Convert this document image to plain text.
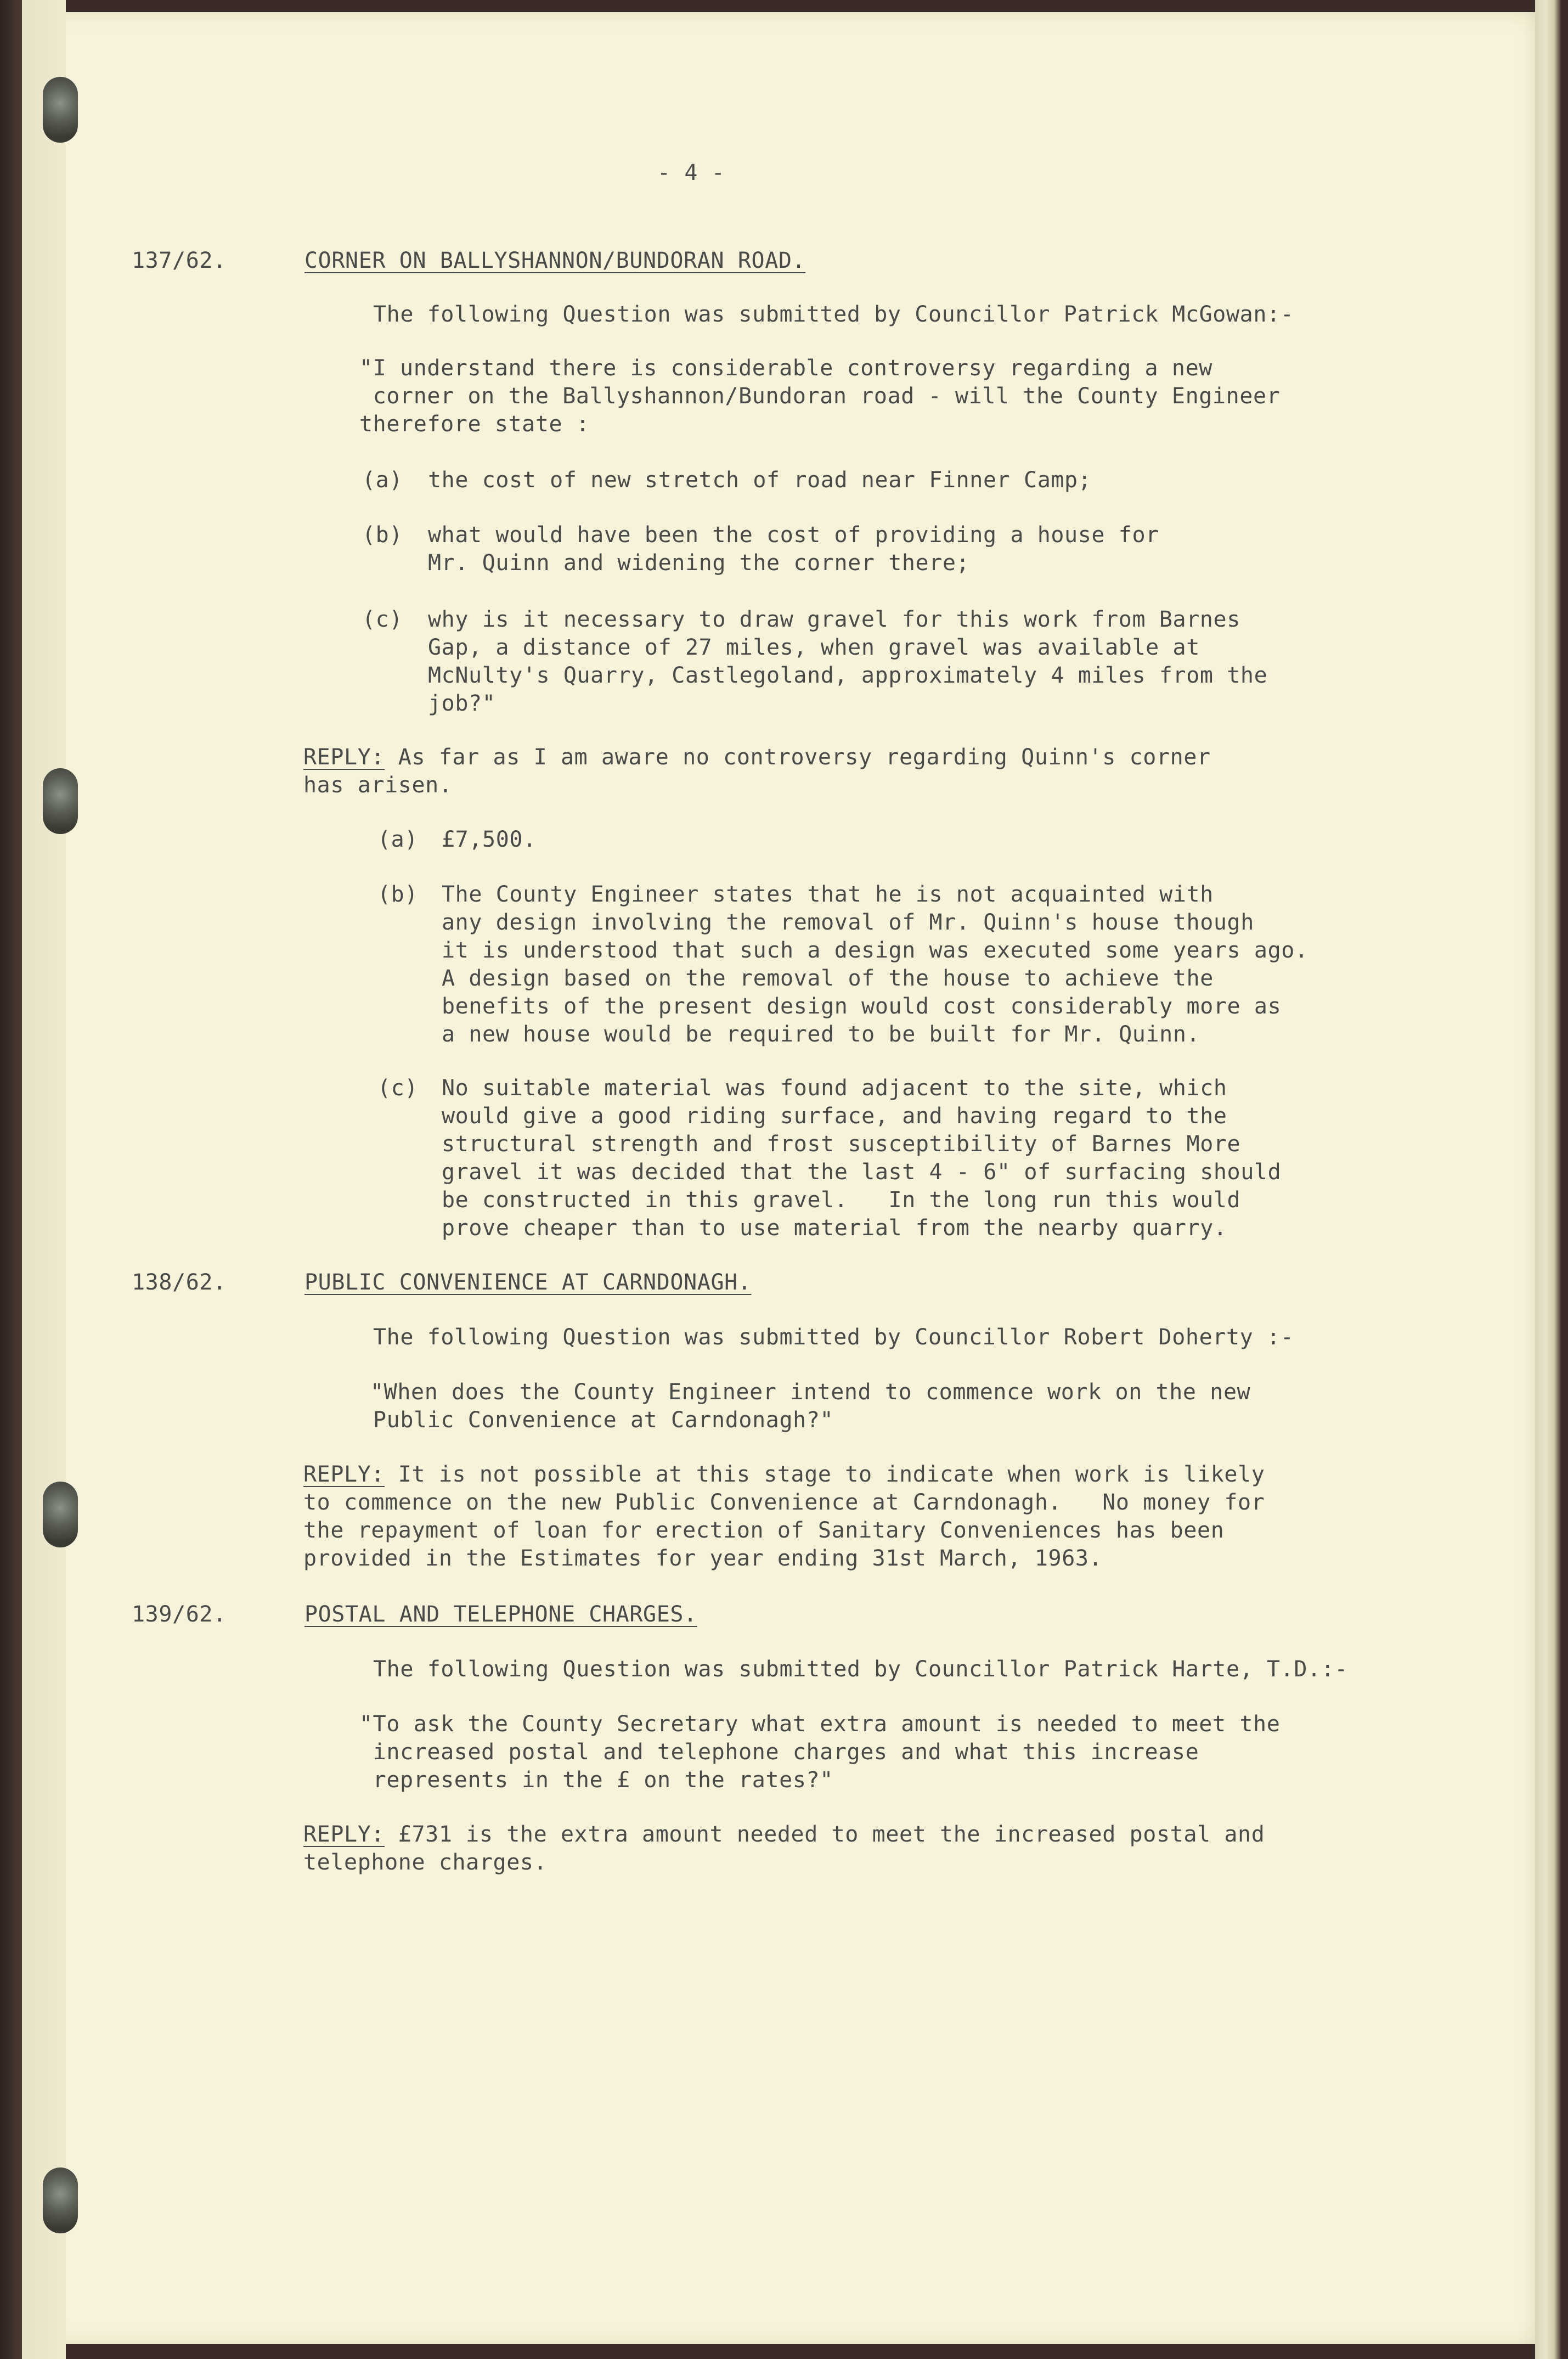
- 4 -
137/62.	CORNER ON BALLYSHANNON/BUNDORAN ROAD.
The following Question was submitted by Councillor Patrick McGowan:-
"I understand there is considerable controversy regarding a new
corner on the Ballyshannon/Bundoran road - will the County Engineer
therefore state :
(a) the cost of new stretch of road near Finner Camp;
(b) what would have been the cost of providing a house for
Mr. Quinn and widening the corner there;
(c) why is it necessary to draw gravel for this work from Barnes
Gap, a distance of 27 miles, when gravel was available at
McNulty's Quarry, Castlegoland, approximately 4 miles from the
job?"
REPLY: As far as I am aware no controversy regarding Quinn's corner
has arisen.
(a) £7,500.
(b) The County Engineer states that he is not acquainted with
any design involving the removal of Mr. Quinn's house though
it is understood that such a design was executed some years ago.
A design based on the removal of the house to achieve the
benefits of the present design would cost considerably more as
a new house would be required to be built for Mr. Quinn.
(c) No suitable material was found adjacent to the site, which
would give a good riding surface, and having regard to the
structural strength and frost susceptibility of Barnes More
gravel it was decided that the last 4 - 6" of surfacing should
be constructed in this gravel.   In the long run this would
prove cheaper than to use material from the nearby quarry.
138/62.	PUBLIC CONVENIENCE AT CARNDONAGH.
The following Question was submitted by Councillor Robert Doherty :-
"When does the County Engineer intend to commence work on the new
Public Convenience at Carndonagh?"
REPLY: It is not possible at this stage to indicate when work is likely
to commence on the new Public Convenience at Carndonagh.   No money for
the repayment of loan for erection of Sanitary Conveniences has been
provided in the Estimates for year ending 31st March, 1963.
139/62.	POSTAL AND TELEPHONE CHARGES.
The following Question was submitted by Councillor Patrick Harte, T.D.:-
"To ask the County Secretary what extra amount is needed to meet the
increased postal and telephone charges and what this increase
represents in the £ on the rates?"
REPLY: £731 is the extra amount needed to meet the increased postal and
telephone charges.
